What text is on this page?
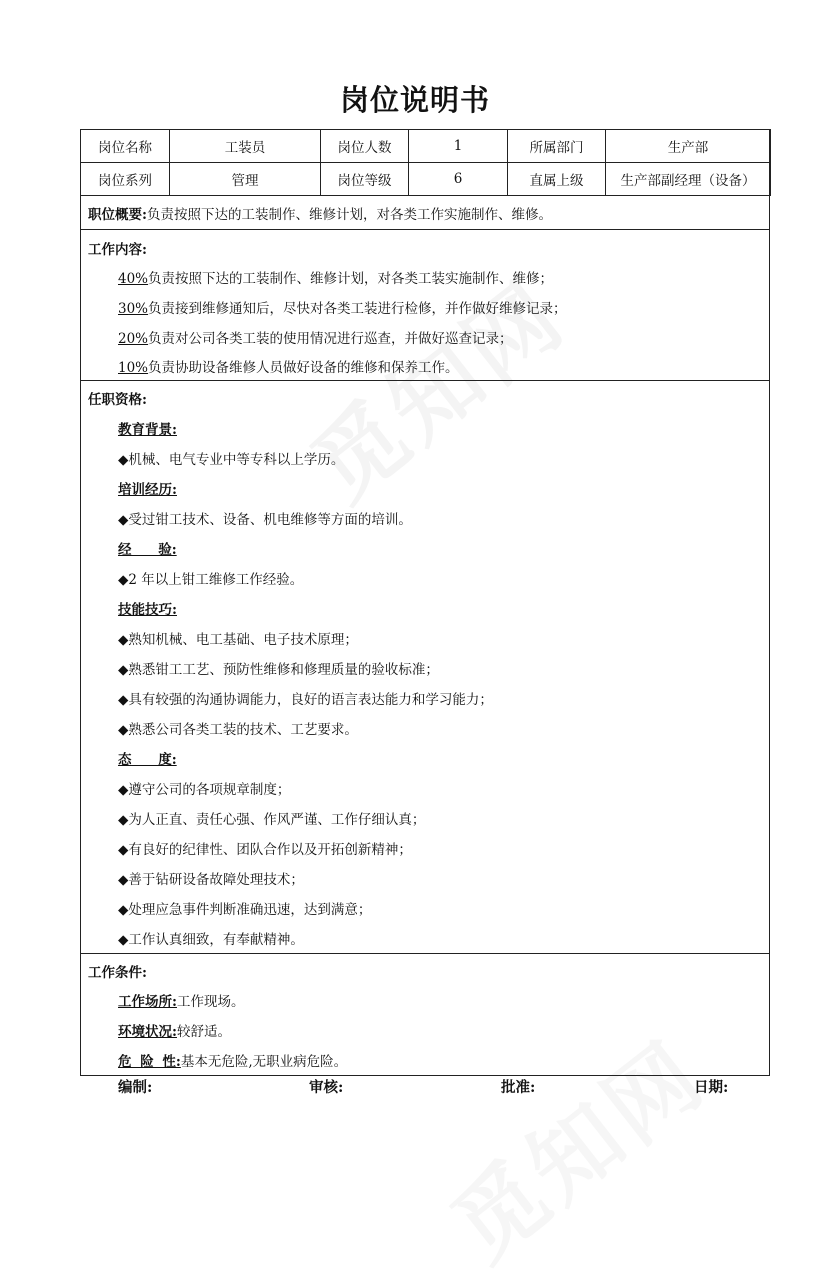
岗位说明书
岗位名称	工装员	岗位人数	1	所属部门	生产部
岗位系列	管理	岗位等级	6	直属上级	生产部副经理（设备）
职位概要:负责按照下达的工装制作、维修计划，对各类工作实施制作、维修。
工作内容:
40%负责按照下达的工装制作、维修计划，对各类工装实施制作、维修；
30%负责接到维修通知后，尽快对各类工装进行检修，并作做好维修记录；
20%负责对公司各类工装的使用情况进行巡查，并做好巡查记录；
10%负责协助设备维修人员做好设备的维修和保养工作。
任职资格:
教育背景:
◆机械、电气专业中等专科以上学历。
培训经历:
◆受过钳工技术、设备、机电维修等方面的培训。
经 验:
◆2 年以上钳工维修工作经验。
技能技巧:
◆熟知机械、电工基础、电子技术原理；
◆熟悉钳工工艺、预防性维修和修理质量的验收标准；
◆具有较强的沟通协调能力，良好的语言表达能力和学习能力；
◆熟悉公司各类工装的技术、工艺要求。
态 度:
◆遵守公司的各项规章制度；
◆为人正直、责任心强、作风严谨、工作仔细认真；
◆有良好的纪律性、团队合作以及开拓创新精神；
◆善于钻研设备故障处理技术；
◆处理应急事件判断准确迅速，达到满意；
◆工作认真细致，有奉献精神。
工作条件:
工作场所:工作现场。
环境状况:较舒适。
危 险 性:基本无危险,无职业病危险。
编制:	审核:	批准:	日期:
